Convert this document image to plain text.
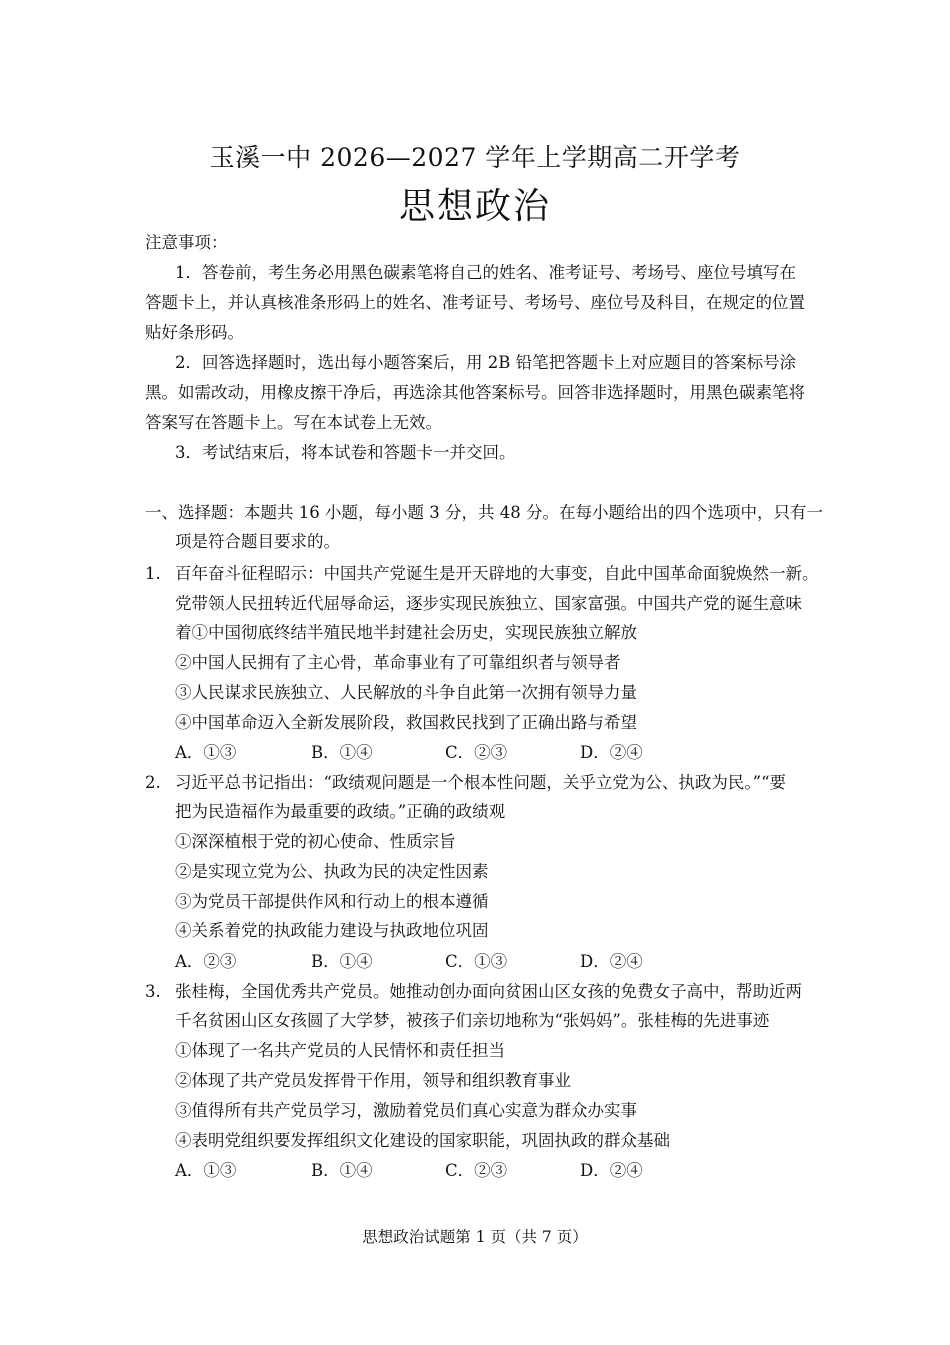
玉溪一中 2026—2027 学年上学期高二开学考
思想政治
注意事项：
1．答卷前，考生务必用黑色碳素笔将自己的姓名、准考证号、考场号、座位号填写在
答题卡上，并认真核准条形码上的姓名、准考证号、考场号、座位号及科目，在规定的位置
贴好条形码。
2．回答选择题时，选出每小题答案后，用 2B 铅笔把答题卡上对应题目的答案标号涂
黑。如需改动，用橡皮擦干净后，再选涂其他答案标号。回答非选择题时，用黑色碳素笔将
答案写在答题卡上。写在本试卷上无效。
3．考试结束后，将本试卷和答题卡一并交回。
一、选择题：本题共 16 小题，每小题 3 分，共 48 分。在每小题给出的四个选项中，只有一
项是符合题目要求的。
1. 百年奋斗征程昭示：中国共产党诞生是开天辟地的大事变，自此中国革命面貌焕然一新。
党带领人民扭转近代屈辱命运，逐步实现民族独立、国家富强。中国共产党的诞生意味
着①中国彻底终结半殖民地半封建社会历史，实现民族独立解放
②中国人民拥有了主心骨，革命事业有了可靠组织者与领导者
③人民谋求民族独立、人民解放的斗争自此第一次拥有领导力量
④中国革命迈入全新发展阶段，救国救民找到了正确出路与希望
A．①③	B．①④	C．②③	D．②④
2. 习近平总书记指出：“政绩观问题是一个根本性问题，关乎立党为公、执政为民。”“要
把为民造福作为最重要的政绩。”正确的政绩观
①深深植根于党的初心使命、性质宗旨
②是实现立党为公、执政为民的决定性因素
③为党员干部提供作风和行动上的根本遵循
④关系着党的执政能力建设与执政地位巩固
A．②③	B．①④	C．①③	D．②④
3. 张桂梅，全国优秀共产党员。她推动创办面向贫困山区女孩的免费女子高中，帮助近两
千名贫困山区女孩圆了大学梦，被孩子们亲切地称为“张妈妈”。张桂梅的先进事迹
①体现了一名共产党员的人民情怀和责任担当
②体现了共产党员发挥骨干作用，领导和组织教育事业
③值得所有共产党员学习，激励着党员们真心实意为群众办实事
④表明党组织要发挥组织文化建设的国家职能，巩固执政的群众基础
A．①③	B．①④	C．②③	D．②④
思想政治试题第 1 页（共 7 页）
